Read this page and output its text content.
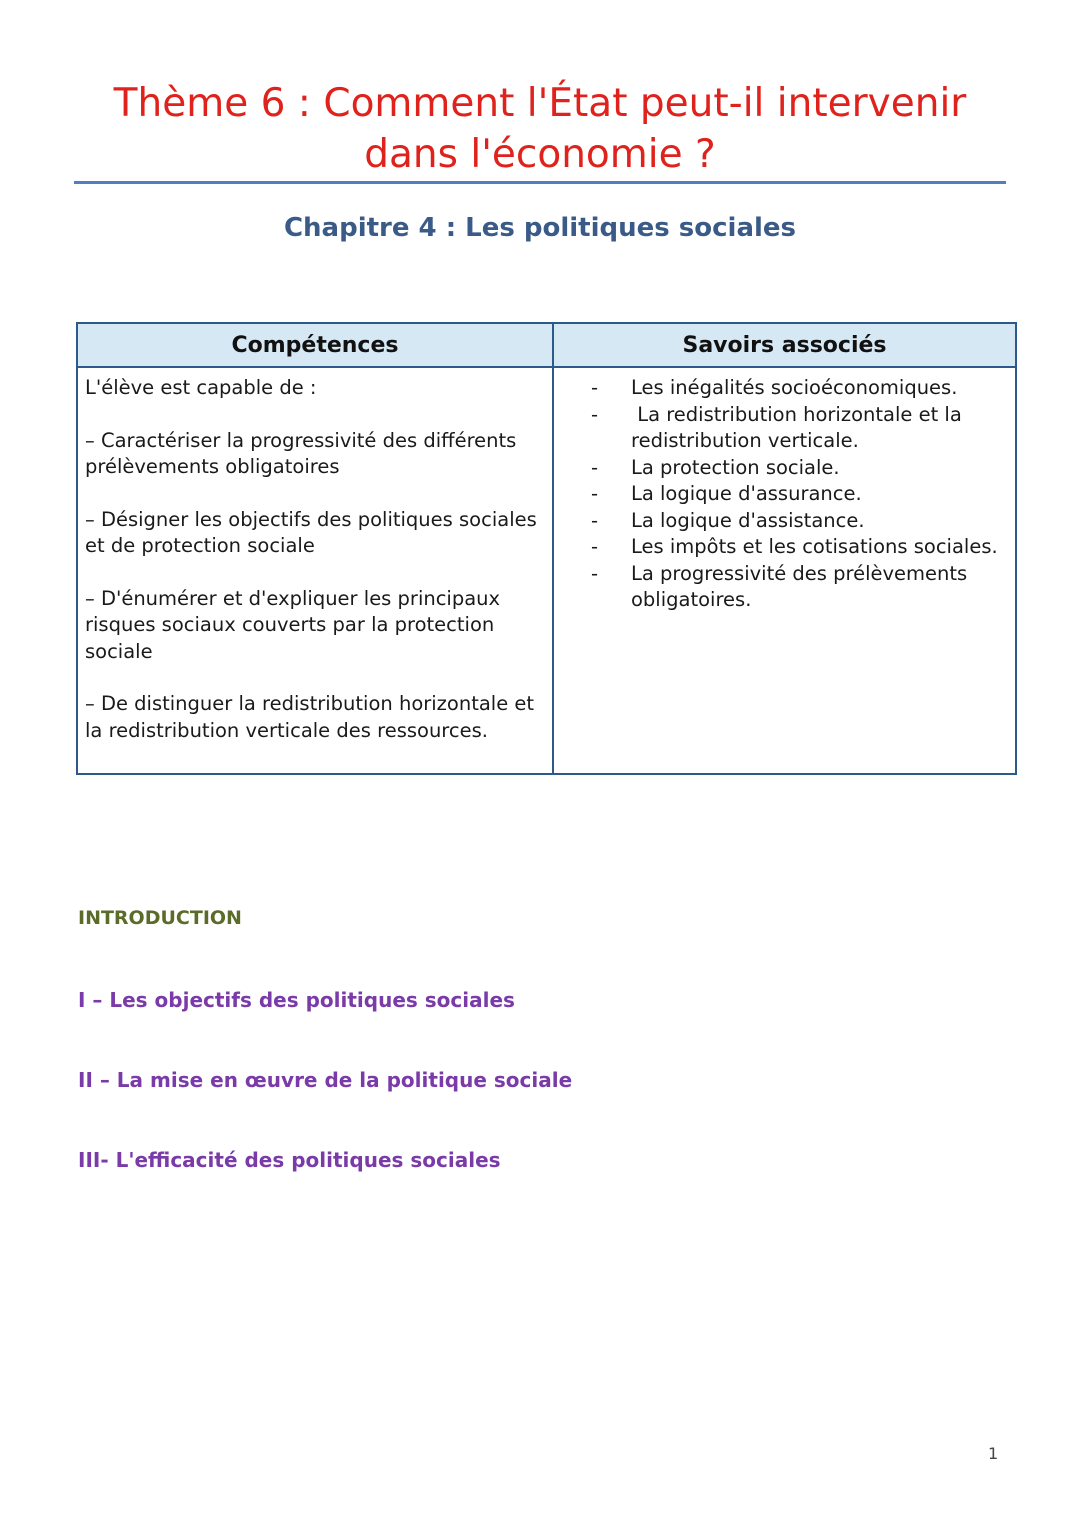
Thème 6 : Comment l'État peut-il intervenir
dans l'économie ?
Chapitre 4 : Les politiques sociales
Compétences

L'élève est capable de :

– Caractériser la progressivité des différents prélèvements obligatoires

– Désigner les objectifs des politiques sociales et de protection sociale

– D'énumérer et d'expliquer les principaux risques sociaux couverts par la protection sociale

– De distinguer la redistribution horizontale et la redistribution verticale des ressources.

Savoirs associés
- Les inégalités socioéconomiques.
- La redistribution horizontale et la redistribution verticale.
- La protection sociale.
- La logique d'assurance.
- La logique d'assistance.
- Les impôts et les cotisations sociales.
- La progressivité des prélèvements obligatoires.

INTRODUCTION

I – Les objectifs des politiques sociales

II – La mise en œuvre de la politique sociale

III- L'efficacité des politiques sociales

1
